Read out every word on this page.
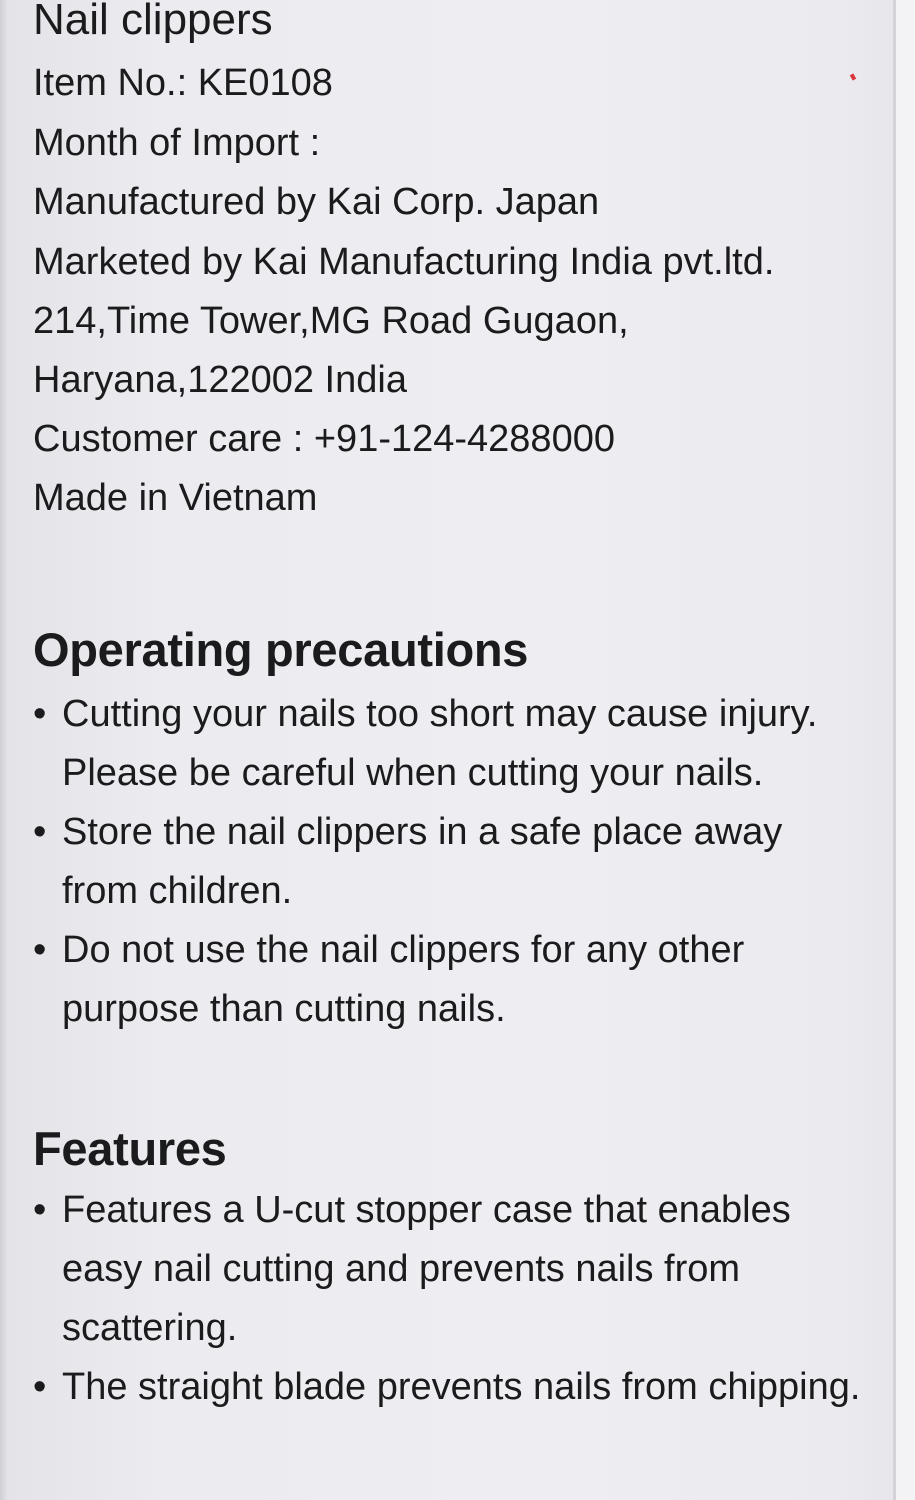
Nail clippers
Item No.: KE0108
Month of Import :
Manufactured by Kai Corp. Japan
Marketed by Kai Manufacturing India pvt.ltd.
214,Time Tower,MG Road Gugaon,
Haryana,122002 India
Customer care : +91-124-4288000
Made in Vietnam
Operating precautions
• Cutting your nails too short may cause injury. Please be careful when cutting your nails.
• Store the nail clippers in a safe place away from children.
• Do not use the nail clippers for any other purpose than cutting nails.
Features
• Features a U-cut stopper case that enables easy nail cutting and prevents nails from scattering.
• The straight blade prevents nails from chipping.
